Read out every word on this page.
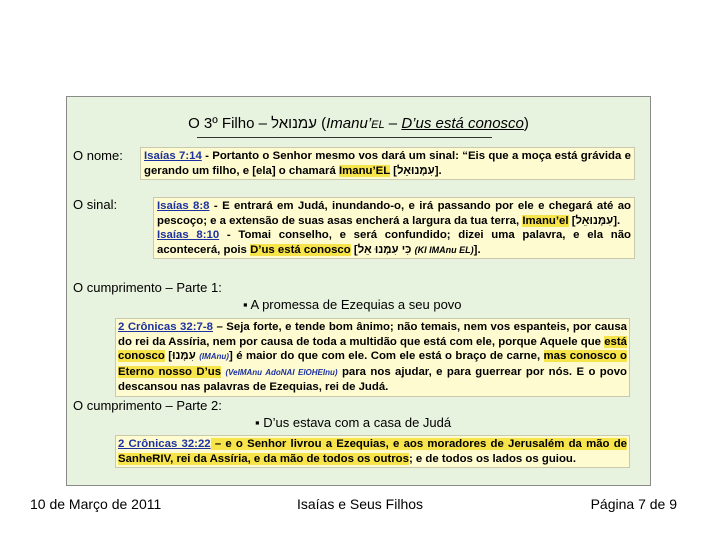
O 3º Filho – עמנואל (Imanu’EL – D’us está conosco)
O nome: Isaías 7:14 - Portanto o Senhor mesmo vos dará um sinal: “Eis que a moça está grávida e gerando um filho, e [ela] o chamará Imanu’EL [עִמָּנוּאֵל].

O sinal:	Isaías 8:8 - E entrará em Judá, inundando-o, e irá passando por ele e chegará até ao pescoço; e a extensão de suas asas encherá a largura da tua terra, Imanu’el [עִמָּנוּאֵל].

Isaías 8:10 - Tomai conselho, e será confundido; dizei uma palavra, e ela não acontecerá, pois D’us está conosco [כִּי עִמָּנוּ אֵל (KI IMAnu EL)].

O cumprimento – Parte 1:
▪ A promessa de Ezequias a seu povo

2 Crônicas 32:7-8 – Seja forte, e tende bom ânimo; não temais, nem vos espanteis, por causa do rei da Assíria, nem por causa de toda a multidão que está com ele, porque Aquele que está conosco [עִמָּנוּ (IMAnu)] é maior do que com ele. Com ele está o braço de carne, mas conosco o Eterno nosso D’us (VeIMAnu AdoNAI ElOHEInu) para nos ajudar, e para guerrear por nós. E o povo descansou nas palavras de Ezequias, rei de Judá.

O cumprimento – Parte 2:
▪ D’us estava com a casa de Judá

2 Crônicas 32:22 – e o Senhor livrou a Ezequias, e aos moradores de Jerusalém da mão de SanheRIV, rei da Assíria, e da mão de todos os outros; e de todos os lados os guiou.

10 de Março de 2011	Isaías e Seus Filhos	Página 7 de 9
